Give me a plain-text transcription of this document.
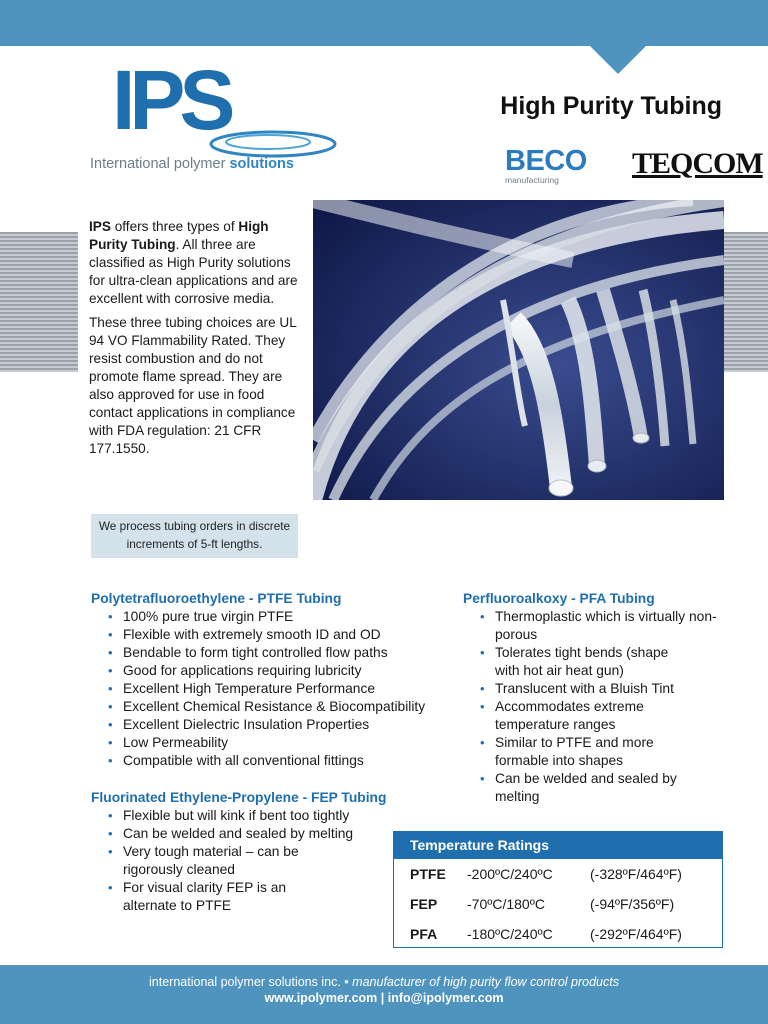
IPS
International polymer solutions
High Purity Tubing
BECO
manufacturing TEQCOM

IPS offers three types of High Purity Tubing. All three are classified as High Purity solutions for ultra-clean applications and are excellent with corrosive media.

These three tubing choices are UL 94 VO Flammability Rated. They resist combustion and do not promote flame spread. They are also approved for use in food contact applications in compliance with FDA regulation: 21 CFR 177.1550.

We process tubing orders in discrete increments of 5-ft lengths.
Polytetrafluoroethylene - PTFE Tubing
• 100% pure true virgin PTFE
• Flexible with extremely smooth ID and OD
• Bendable to form tight controlled flow paths
• Good for applications requiring lubricity
• Excellent High Temperature Performance
• Excellent Chemical Resistance & Biocompatibility
• Excellent Dielectric Insulation Properties
• Low Permeability
• Compatible with all conventional fittings
Fluorinated Ethylene-Propylene - FEP Tubing
• Flexible but will kink if bent too tightly
• Can be welded and sealed by melting
• Very tough material – can be rigorously cleaned
• For visual clarity FEP is an alternate to PTFE
Perfluoroalkoxy - PFA Tubing
• Thermoplastic which is virtually non-porous
• Tolerates tight bends (shape with hot air heat gun)
• Translucent with a Bluish Tint
• Accommodates extreme temperature ranges
• Similar to PTFE and more formable into shapes
• Can be welded and sealed by melting
Temperature Ratings
PTFE -200ºC/240ºC	(-328ºF/464ºF)
FEP -70ºC/180ºC	(-94ºF/356ºF)
PFA -180ºC/240ºC	(-292ºF/464ºF)
international polymer solutions inc. • manufacturer of high purity flow control products
www.ipolymer.com | info@ipolymer.com
